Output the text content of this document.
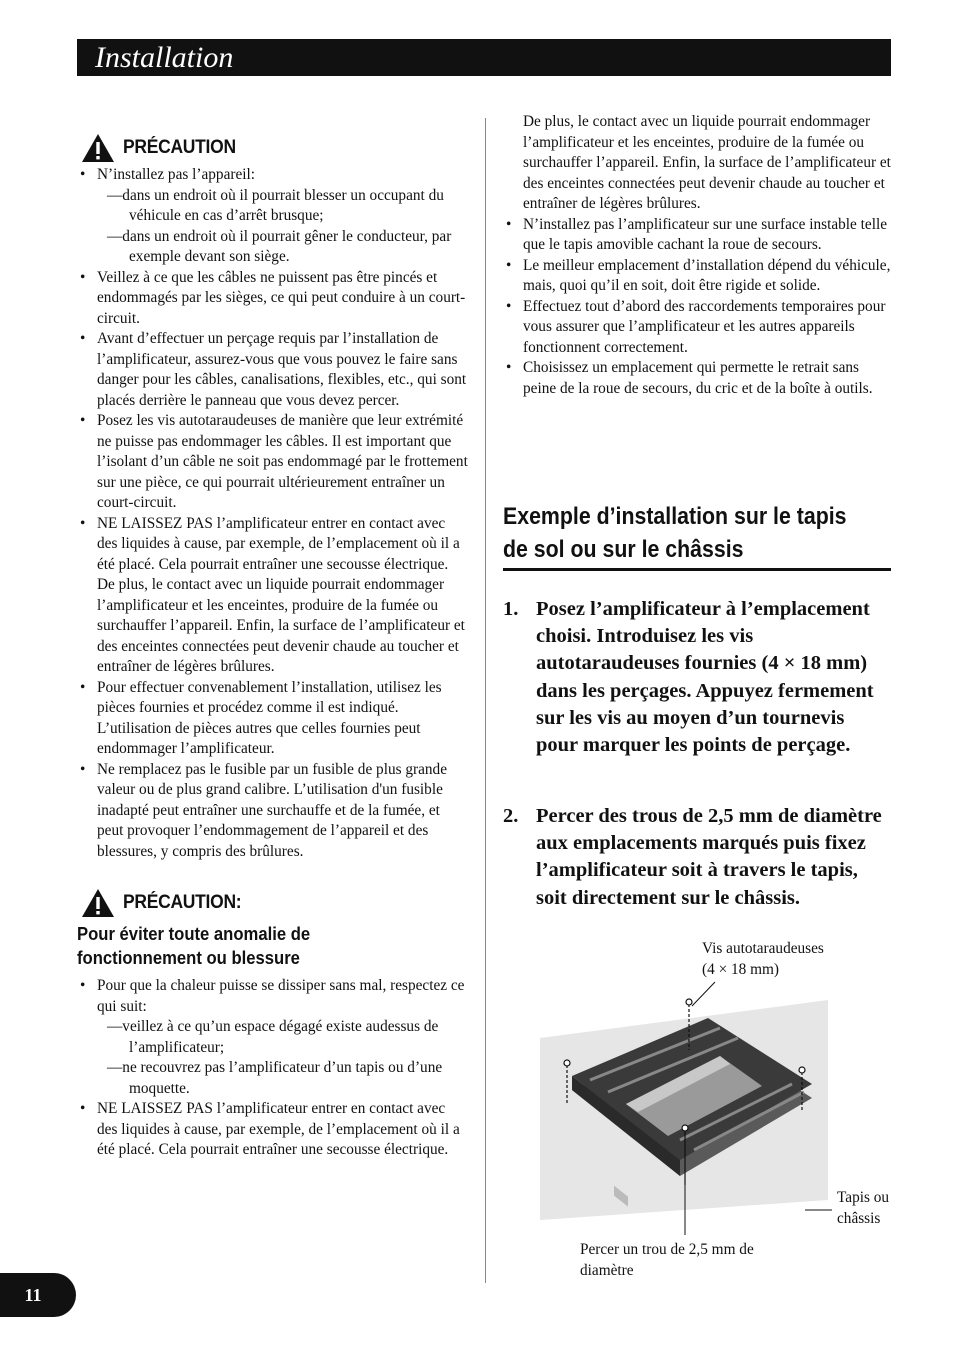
Installation
PRÉCAUTION
• N’installez pas l’appareil:
—dans un endroit où il pourrait blesser un occupant du véhicule en cas d’arrêt brusque;
—dans un endroit où il pourrait gêner le conducteur, par exemple devant son siège.
• Veillez à ce que les câbles ne puissent pas être pincés et endommagés par les sièges, ce qui peut conduire à un court-circuit.
• Avant d’effectuer un perçage requis par l’installation de l’amplificateur, assurez-vous que vous pouvez le faire sans danger pour les câbles, canalisations, flexibles, etc., qui sont placés derrière le panneau que vous devez percer.
• Posez les vis autotaraudeuses de manière que leur extrémité ne puisse pas endommager les câbles. Il est important que l’isolant d’un câble ne soit pas endommagé par le frottement sur une pièce, ce qui pourrait ultérieurement entraîner un court-circuit.
• NE LAISSEZ PAS l’amplificateur entrer en contact avec des liquides à cause, par exemple, de l’emplacement où il a été placé. Cela pourrait entraîner une secousse électrique. De plus, le contact avec un liquide pourrait endommager l’amplificateur et les enceintes, produire de la fumée ou surchauffer l’appareil. Enfin, la surface de l’amplificateur et des enceintes connectées peut devenir chaude au toucher et entraîner de légères brûlures.
• Pour effectuer convenablement l’installation, utilisez les pièces fournies et procédez comme il est indiqué. L’utilisation de pièces autres que celles fournies peut endommager l’amplificateur.
• Ne remplacez pas le fusible par un fusible de plus grande valeur ou de plus grand calibre. L’utilisation d'un fusible inadapté peut entraîner une surchauffe et de la fumée, et peut provoquer l’endommagement de l’appareil et des blessures, y compris des brûlures.
PRÉCAUTION:
Pour éviter toute anomalie de
fonctionnement ou blessure
• Pour que la chaleur puisse se dissiper sans mal, respectez ce qui suit:
—veillez à ce qu’un espace dégagé existe audessus de l’amplificateur;
—ne recouvrez pas l’amplificateur d’un tapis ou d’une moquette.
• NE LAISSEZ PAS l’amplificateur entrer en contact avec des liquides à cause, par exemple, de l’emplacement où il a été placé. Cela pourrait entraîner une secousse électrique.
De plus, le contact avec un liquide pourrait endommager l’amplificateur et les enceintes, produire de la fumée ou surchauffer l’appareil. Enfin, la surface de l’amplificateur et des enceintes connectées peut devenir chaude au toucher et entraîner de légères brûlures.
• N’installez pas l’amplificateur sur une surface instable telle que le tapis amovible cachant la roue de secours.
• Le meilleur emplacement d’installation dépend du véhicule, mais, quoi qu’il en soit, doit être rigide et solide.
• Effectuez tout d’abord des raccordements temporaires pour vous assurer que l’amplificateur et les autres appareils fonctionnent correctement.
• Choisissez un emplacement qui permette le retrait sans peine de la roue de secours, du cric et de la boîte à outils.
Exemple d’installation sur le tapis
de sol ou sur le châssis
1. Posez l’amplificateur à l’emplacement choisi. Introduisez les vis autotaraudeuses fournies (4 × 18 mm) dans les perçages. Appuyez fermement sur les vis au moyen d’un tournevis pour marquer les points de perçage.
2. Percer des trous de 2,5 mm de diamètre aux emplacements marqués puis fixez l’amplificateur soit à travers le tapis, soit directement sur le châssis.
Vis autotaraudeuses
(4 × 18 mm)
Tapis ou
châssis
Percer un trou de 2,5 mm de
diamètre
11
